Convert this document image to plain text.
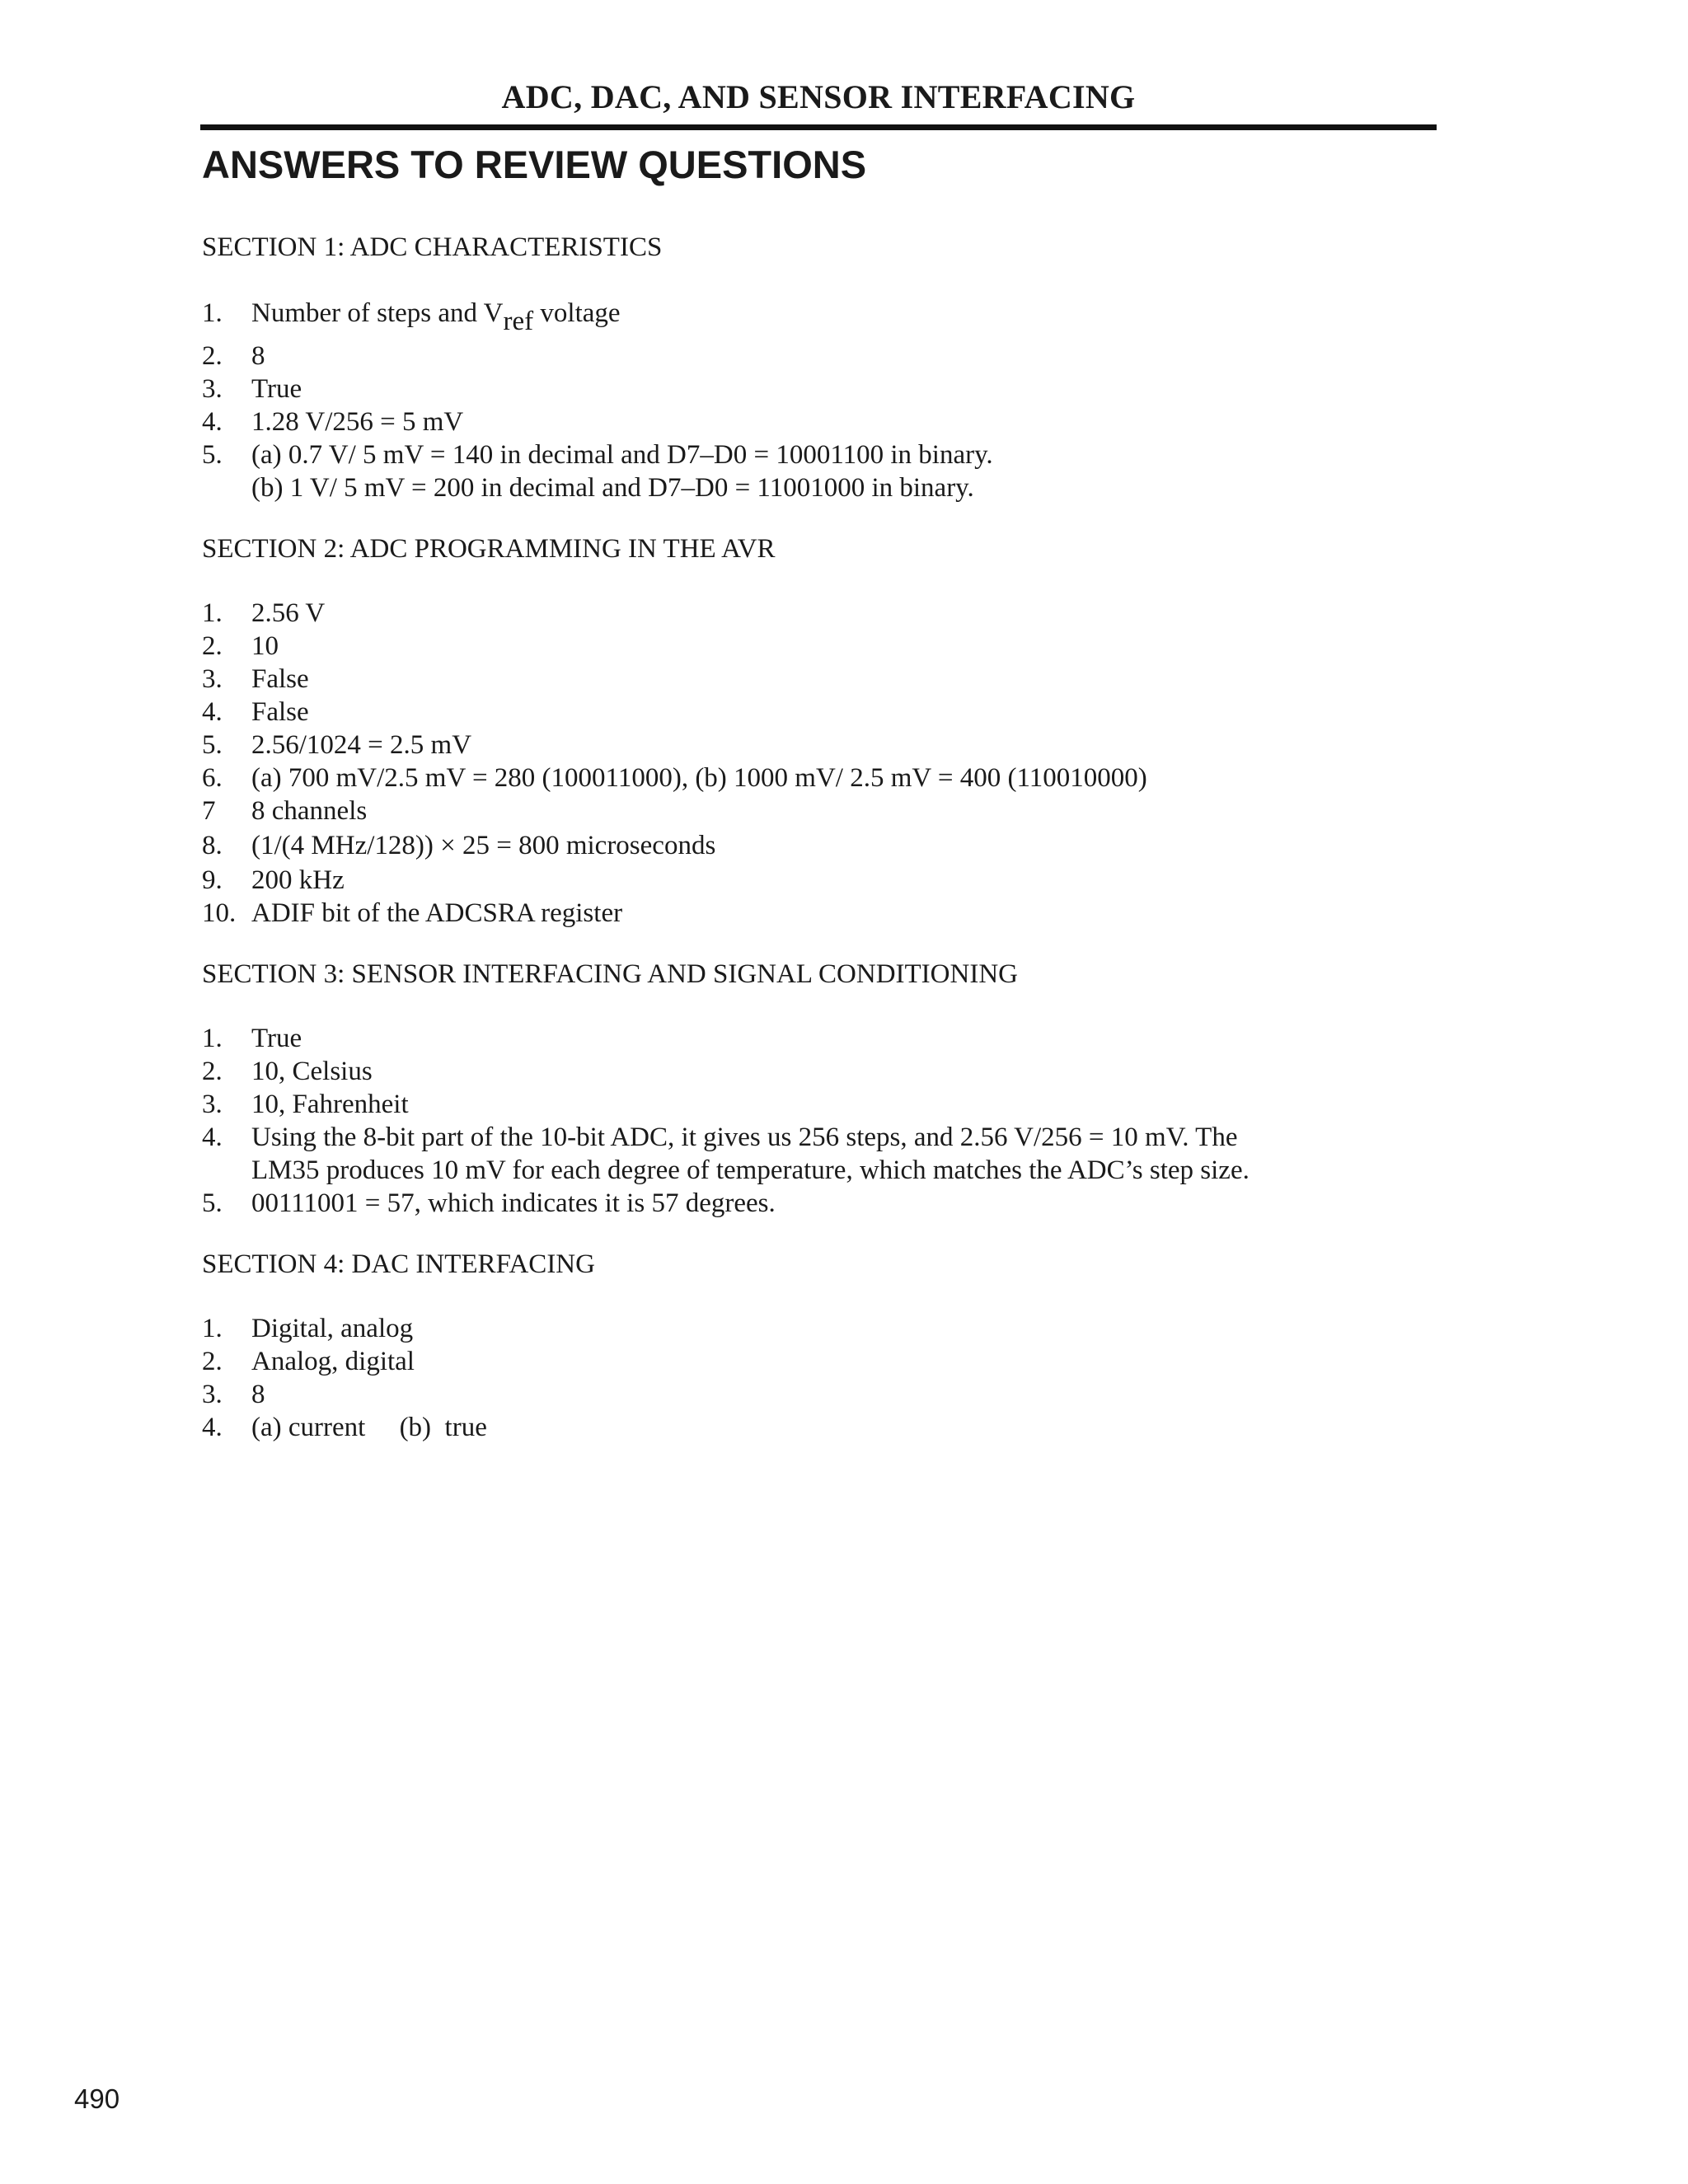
ADC, DAC, AND SENSOR INTERFACING
ANSWERS TO REVIEW QUESTIONS
SECTION 1: ADC CHARACTERISTICS
1.	Number of steps and Vref voltage
2.	8
3.	True
4.	1.28 V/256 = 5 mV
5.	(a) 0.7 V/ 5 mV = 140 in decimal and D7–D0 = 10001100 in binary.
(b) 1 V/ 5 mV = 200 in decimal and D7–D0 = 11001000 in binary.
SECTION 2: ADC PROGRAMMING IN THE AVR
1.	2.56 V
2.	10
3.	False
4.	False
5.	2.56/1024 = 2.5 mV
6.	(a) 700 mV/2.5 mV = 280 (100011000), (b) 1000 mV/ 2.5 mV = 400 (110010000)
7	8 channels
8.	(1/(4 MHz/128)) × 25 = 800 microseconds
9.	200 kHz
10. ADIF bit of the ADCSRA register
SECTION 3: SENSOR INTERFACING AND SIGNAL CONDITIONING
1.	True
2.	10, Celsius
3.	10, Fahrenheit
4.	Using the 8-bit part of the 10-bit ADC, it gives us 256 steps, and 2.56 V/256 = 10 mV. The
LM35 produces 10 mV for each degree of temperature, which matches the ADC’s step size.
5.	00111001 = 57, which indicates it is 57 degrees.
SECTION 4: DAC INTERFACING
1.	Digital, analog
2.	Analog, digital
3.	8
4.	(a) current     (b)  true
490
